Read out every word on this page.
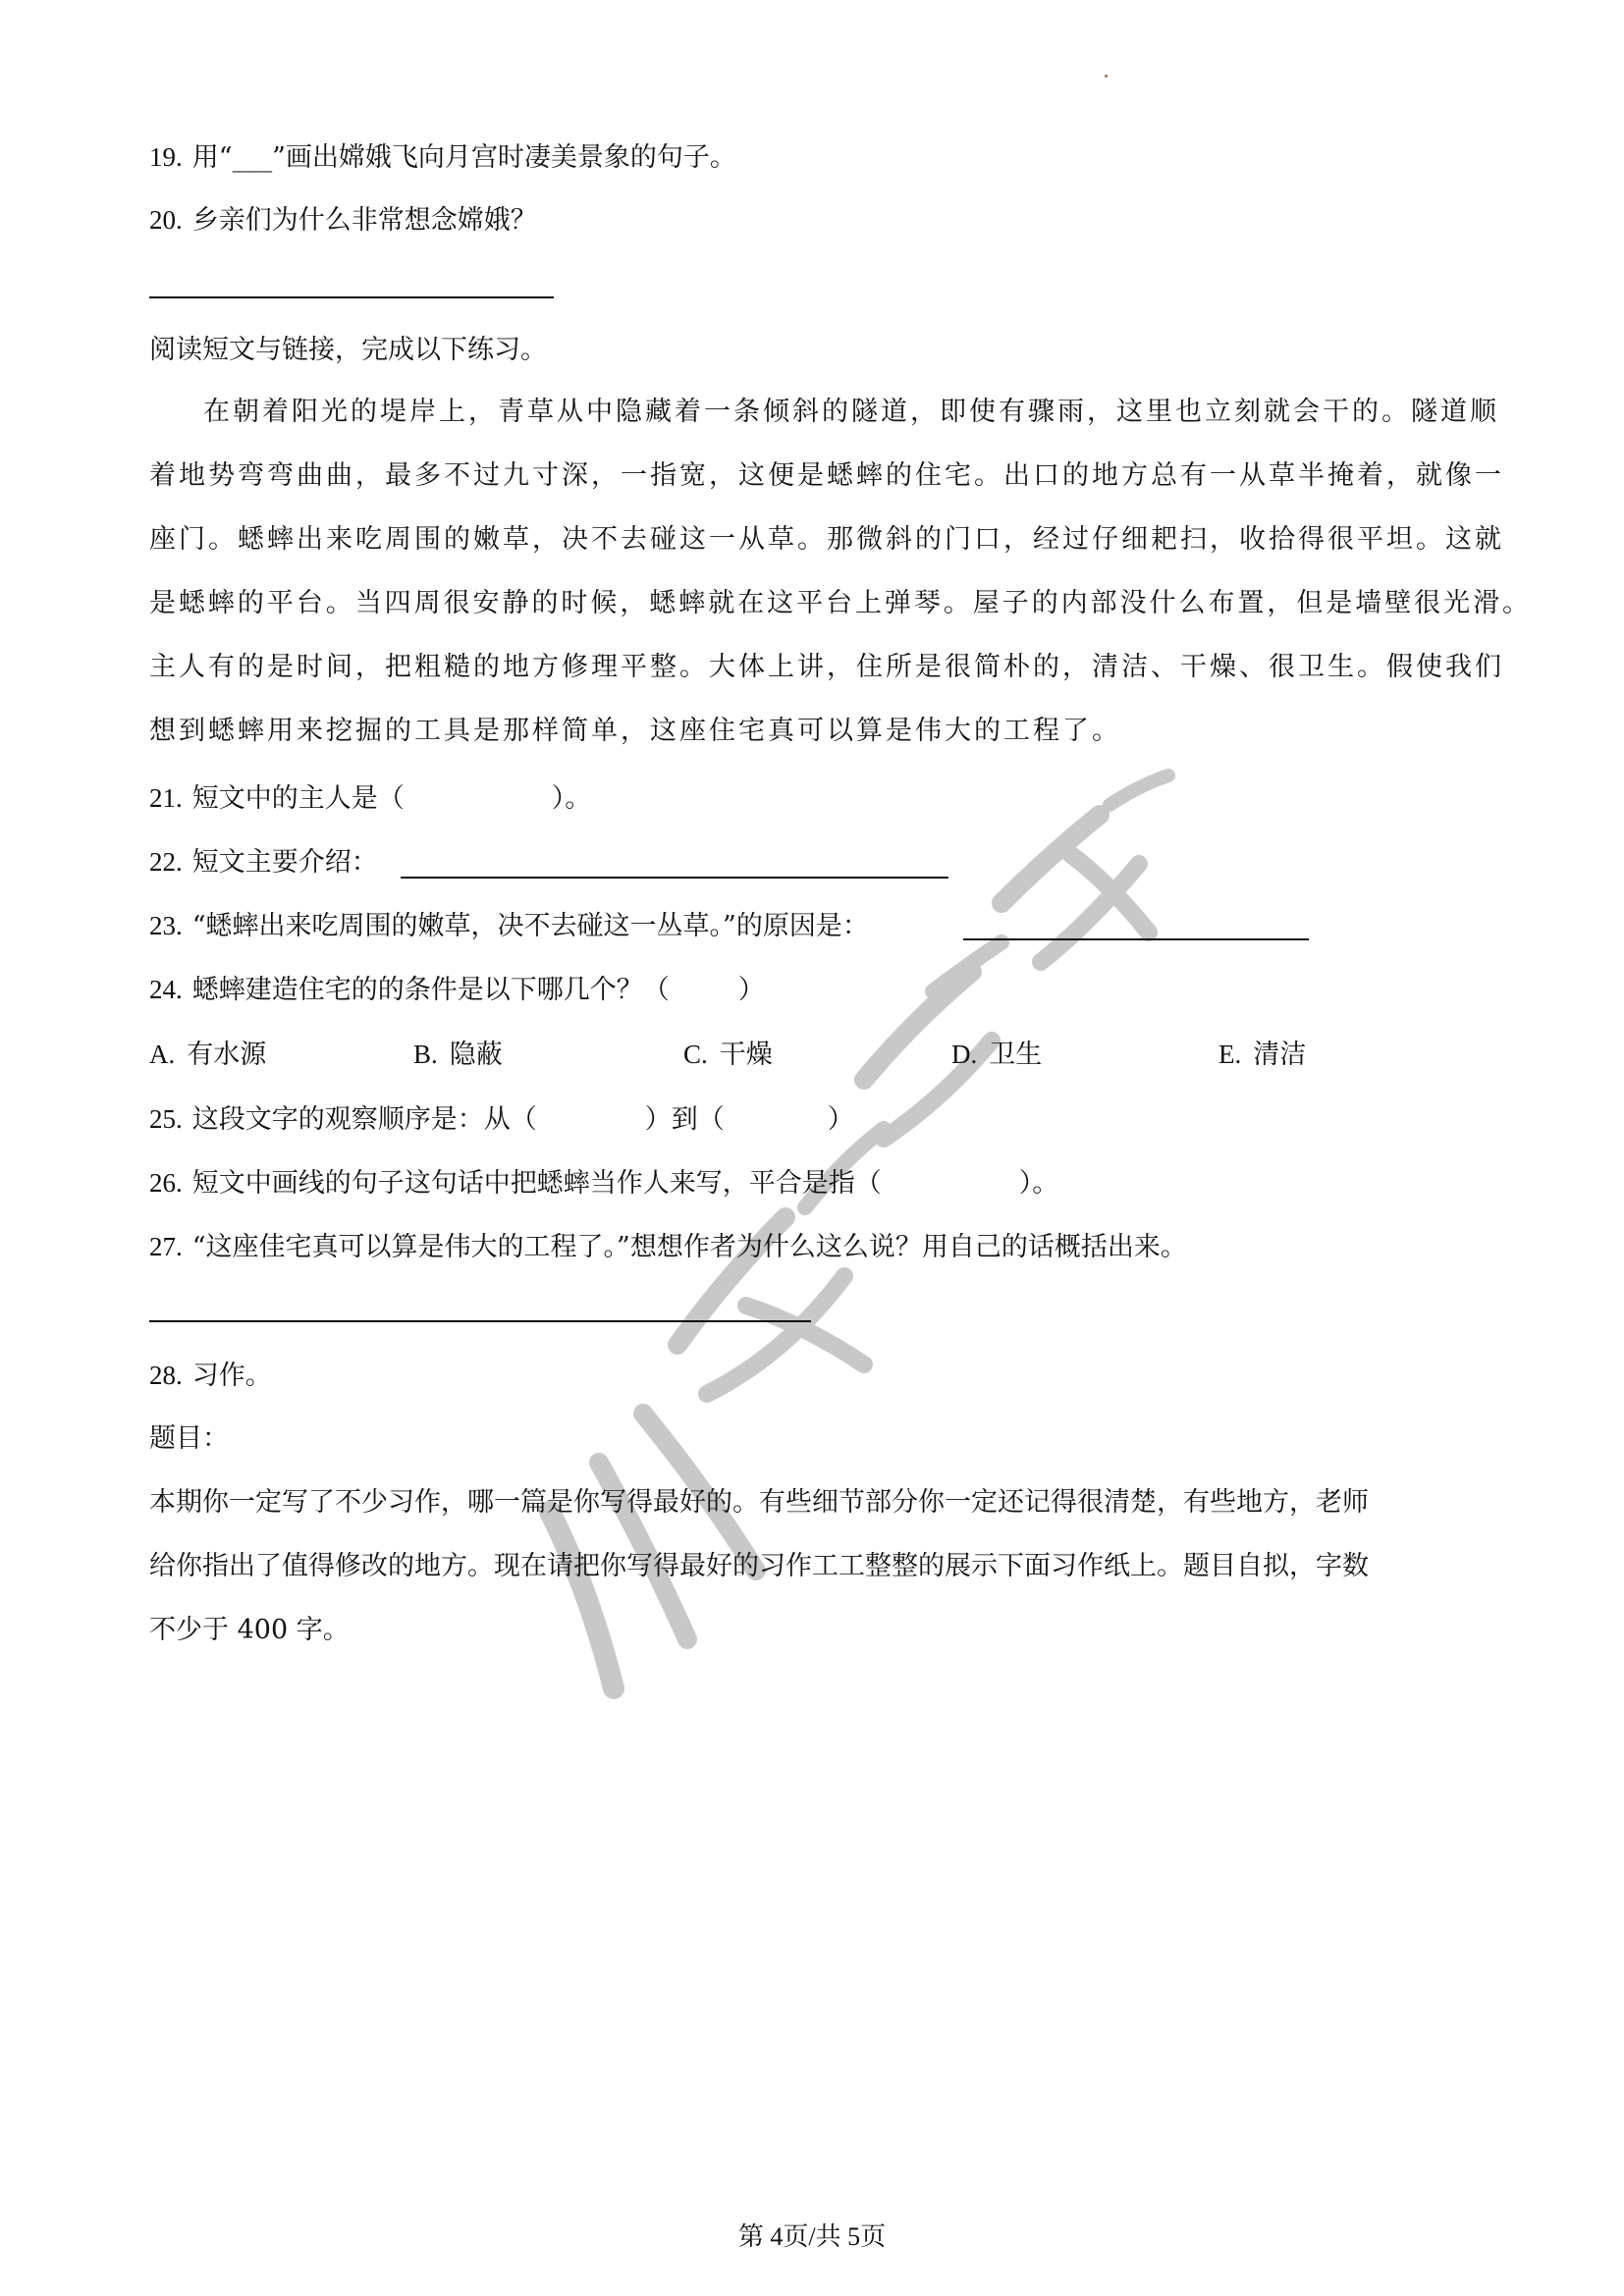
19. 用“___”画出嫦娥飞向月宫时凄美景象的句子。
20. 乡亲们为什么非常想念嫦娥？
阅读短文与链接，完成以下练习。
在朝着阳光的堤岸上，青草从中隐藏着一条倾斜的隧道，即使有骤雨，这里也立刻就会干的。隧道顺
着地势弯弯曲曲，最多不过九寸深，一指宽，这便是蟋蟀的住宅。出口的地方总有一从草半掩着，就像一
座门。蟋蟀出来吃周围的嫩草，决不去碰这一从草。那微斜的门口，经过仔细耙扫，收拾得很平坦。这就
是蟋蟀的平台。当四周很安静的时候，蟋蟀就在这平台上弹琴。屋子的内部没什么布置，但是墙壁很光滑。
主人有的是时间，把粗糙的地方修理平整。大体上讲，住所是很简朴的，清洁、干燥、很卫生。假使我们
想到蟋蟀用来挖掘的工具是那样简单，这座住宅真可以算是伟大的工程了。
21. 短文中的主人是（	）。
22. 短文主要介绍：
23. “蟋蟀出来吃周围的嫩草，决不去碰这一丛草。”的原因是：
24. 蟋蟀建造住宅的的条件是以下哪几个？（	）
A. 有水源	B. 隐蔽	C. 干燥	D. 卫生	E. 清洁
25. 这段文字的观察顺序是：从（	）到（	）
26. 短文中画线的句子这句话中把蟋蟀当作人来写，平合是指（	）。
27. “这座佳宅真可以算是伟大的工程了。”想想作者为什么这么说？用自己的话概括出来。
28. 习作。
题目：
本期你一定写了不少习作，哪一篇是你写得最好的。有些细节部分你一定还记得很清楚，有些地方，老师
给你指出了值得修改的地方。现在请把你写得最好的习作工工整整的展示下面习作纸上。题目自拟，字数
不少于 400 字。
第 4页/共 5页
